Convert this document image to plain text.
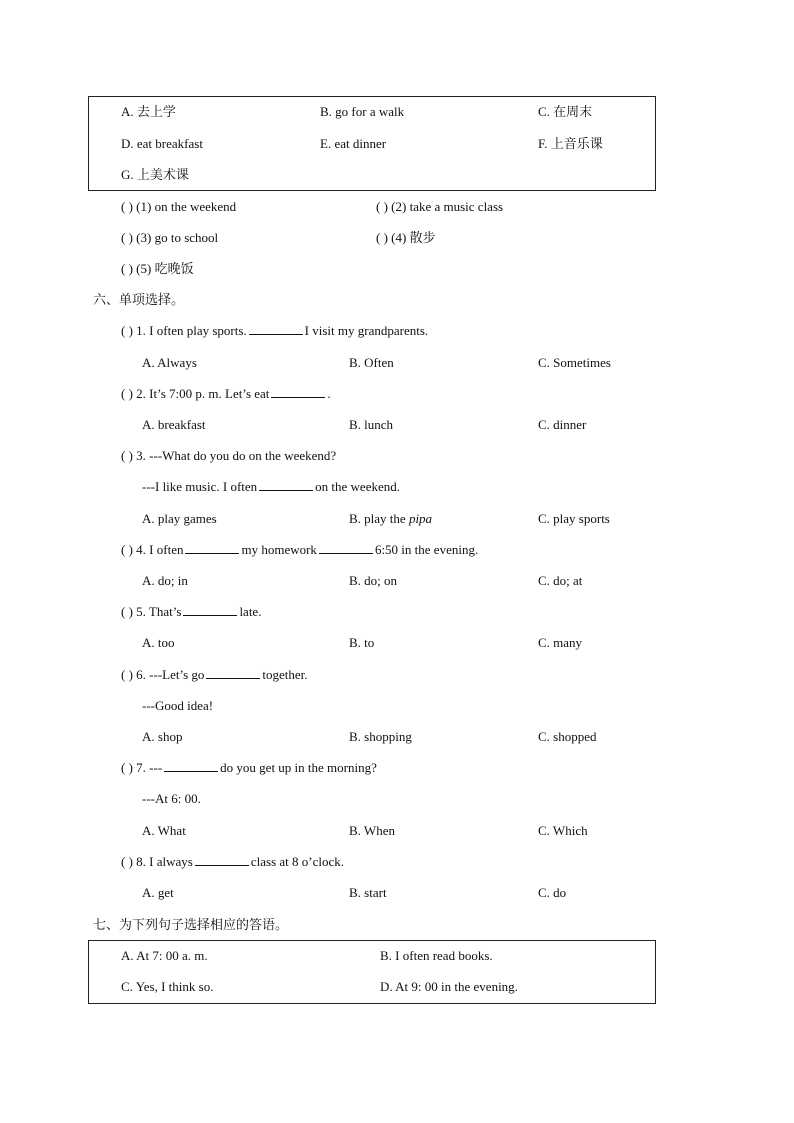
A. 去上学	B. go for a walk	C. 在周末
D. eat breakfast	E. eat dinner	F. 上音乐课
G. 上美术课
( ) (1) on the weekend	( ) (2) take a music class
( ) (3) go to school	( ) (4) 散步
( ) (5) 吃晚饭
六、单项选择。
( ) 1. I often play sports.	I visit my grandparents.
A. Always	B. Often	C. Sometimes
( ) 2. It’s 7:00 p. m. Let’s eat	.
A. breakfast	B. lunch	C. dinner
( ) 3. ---What do you do on the weekend?
---I like music. I often	on the weekend.
A. play games	B. play the pipa	C. play sports
( ) 4. I often	my homework	6:50 in the evening.
A. do; in	B. do; on	C. do; at
( ) 5. That’s	late.
A. too	B. to	C. many
( ) 6. ---Let’s go	together.
---Good idea!
A. shop	B. shopping	C. shopped
( ) 7. ---	do you get up in the morning?
---At 6: 00.
A. What	B. When	C. Which
( ) 8. I always	class at 8 o’clock.
A. get	B. start	C. do
七、为下列句子选择相应的答语。
A. At 7: 00 a. m.	B. I often read books.
C. Yes, I think so.	D. At 9: 00 in the evening.
